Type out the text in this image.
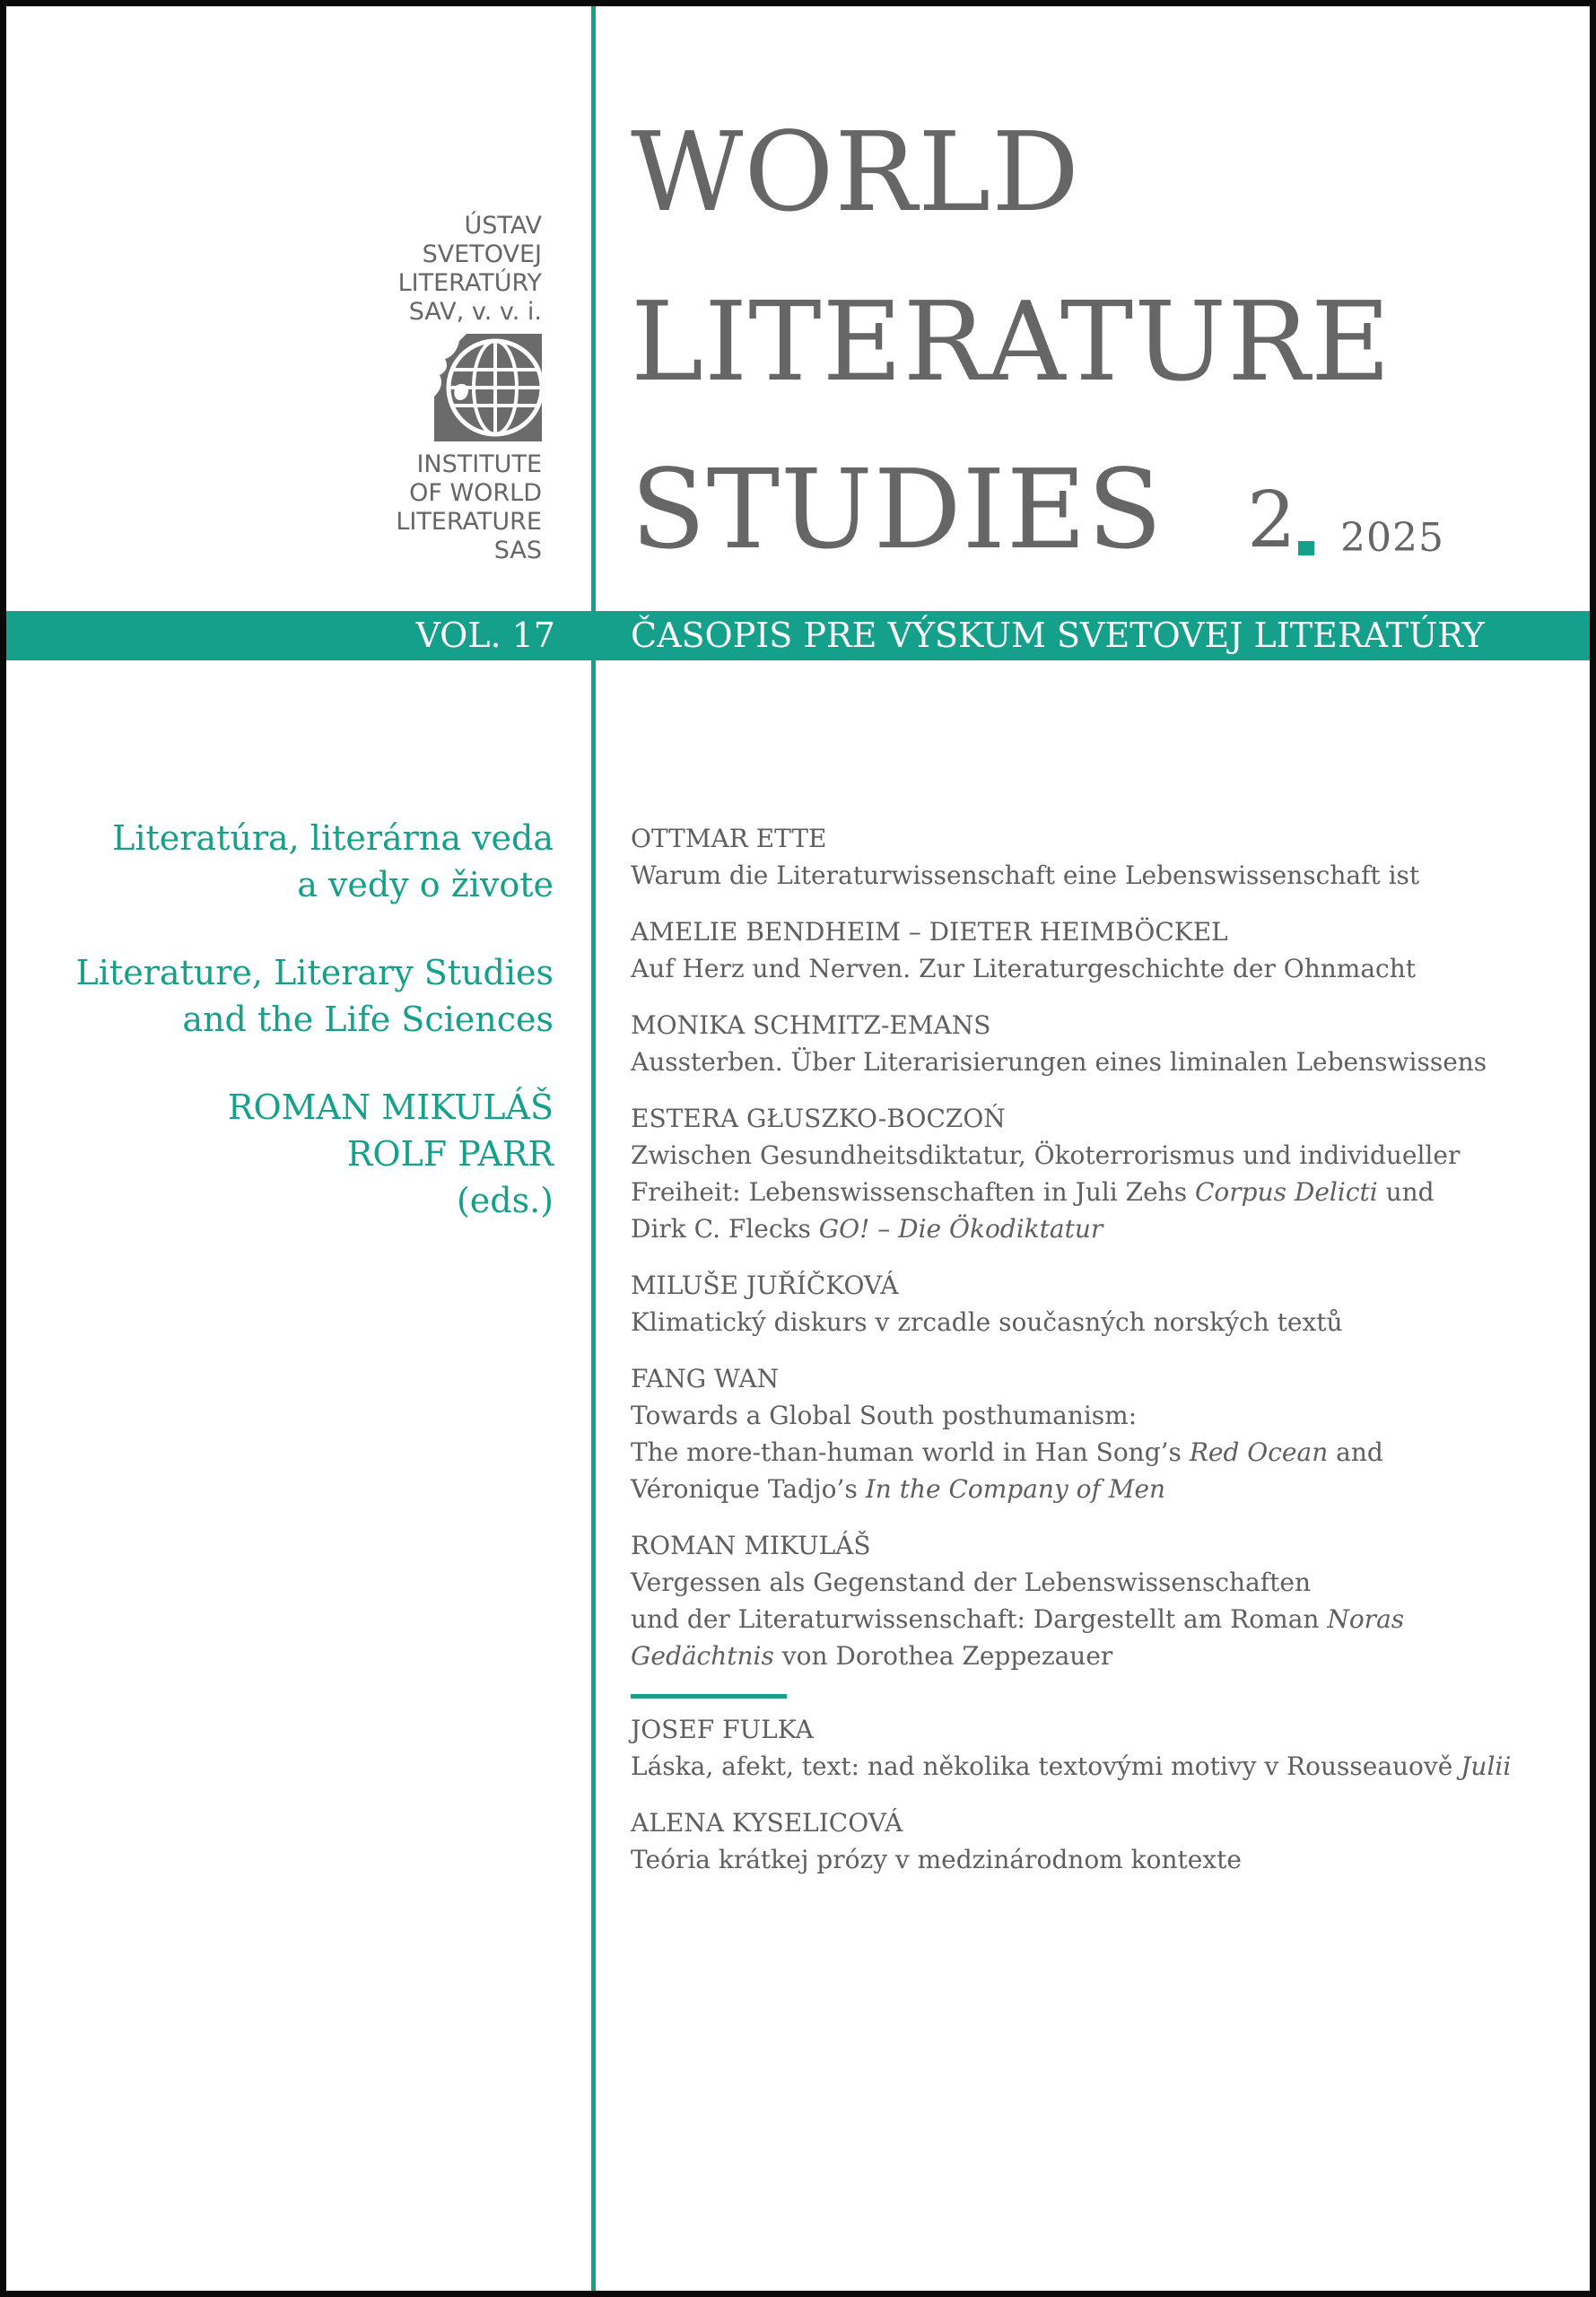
ÚSTAV
SVETOVEJ
LITERATÚRY
SAV, v. v. i.
INSTITUTE
OF WORLD
LITERATURE
SAS
WORLD
LITERATURE
STUDIES 2 2025
VOL. 17 ČASOPIS PRE VÝSKUM SVETOVEJ LITERATÚRY
Literatúra, literárna veda
a vedy o živote
Literature, Literary Studies
and the Life Sciences
ROMAN MIKULÁŠ
ROLF PARR
(eds.)
OTTMAR ETTE
Warum die Literaturwissenschaft eine Lebenswissenschaft ist
AMELIE BENDHEIM – DIETER HEIMBÖCKEL
Auf Herz und Nerven. Zur Literaturgeschichte der Ohnmacht
MONIKA SCHMITZ-EMANS
Aussterben. Über Literarisierungen eines liminalen Lebenswissens
ESTERA GŁUSZKO-BOCZOŃ
Zwischen Gesundheitsdiktatur, Ökoterrorismus und individueller
Freiheit: Lebenswissenschaften in Juli Zehs Corpus Delicti und
Dirk C. Flecks GO! – Die Ökodiktatur
MILUŠE JUŘÍČKOVÁ
Klimatický diskurs v zrcadle současných norských textů
FANG WAN
Towards a Global South posthumanism:
The more-than-human world in Han Song’s Red Ocean and
Véronique Tadjo’s In the Company of Men
ROMAN MIKULÁŠ
Vergessen als Gegenstand der Lebenswissenschaften
und der Literaturwissenschaft: Dargestellt am Roman Noras
Gedächtnis von Dorothea Zeppezauer
JOSEF FULKA
Láska, afekt, text: nad několika textovými motivy v Rousseauově Julii
ALENA KYSELICOVÁ
Teória krátkej prózy v medzinárodnom kontexte
